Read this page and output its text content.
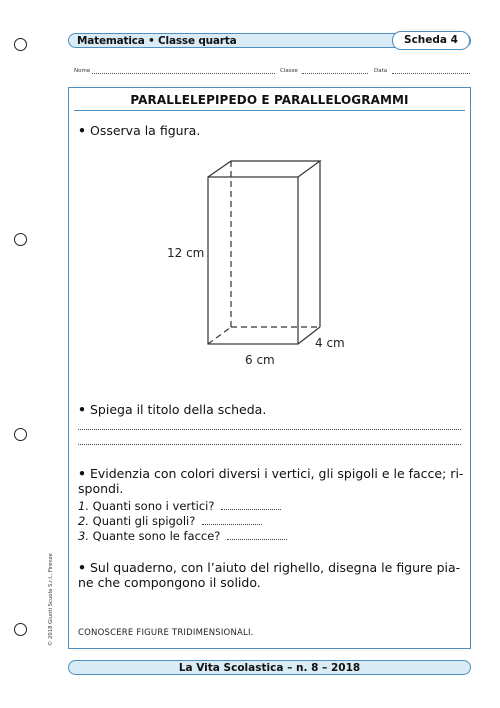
Matematica • Classe quarta	Scheda 4
Nome	Classe	Data
PARALLELEPIPEDO E PARALLELOGRAMMI
• Osserva la figura.
12 cm
4 cm
6 cm
• Spiega il titolo della scheda.
• Evidenzia con colori diversi i vertici, gli spigoli e le facce; ri-
spondi.
1. Quanti sono i vertici?
2. Quanti gli spigoli?
3. Quante sono le facce?
• Sul quaderno, con l’aiuto del righello, disegna le figure pia-
ne che compongono il solido.
CONOSCERE FIGURE TRIDIMENSIONALI.
© 2018 Giunti Scuola S.r.l., Firenze
La Vita Scolastica – n. 8 – 2018
